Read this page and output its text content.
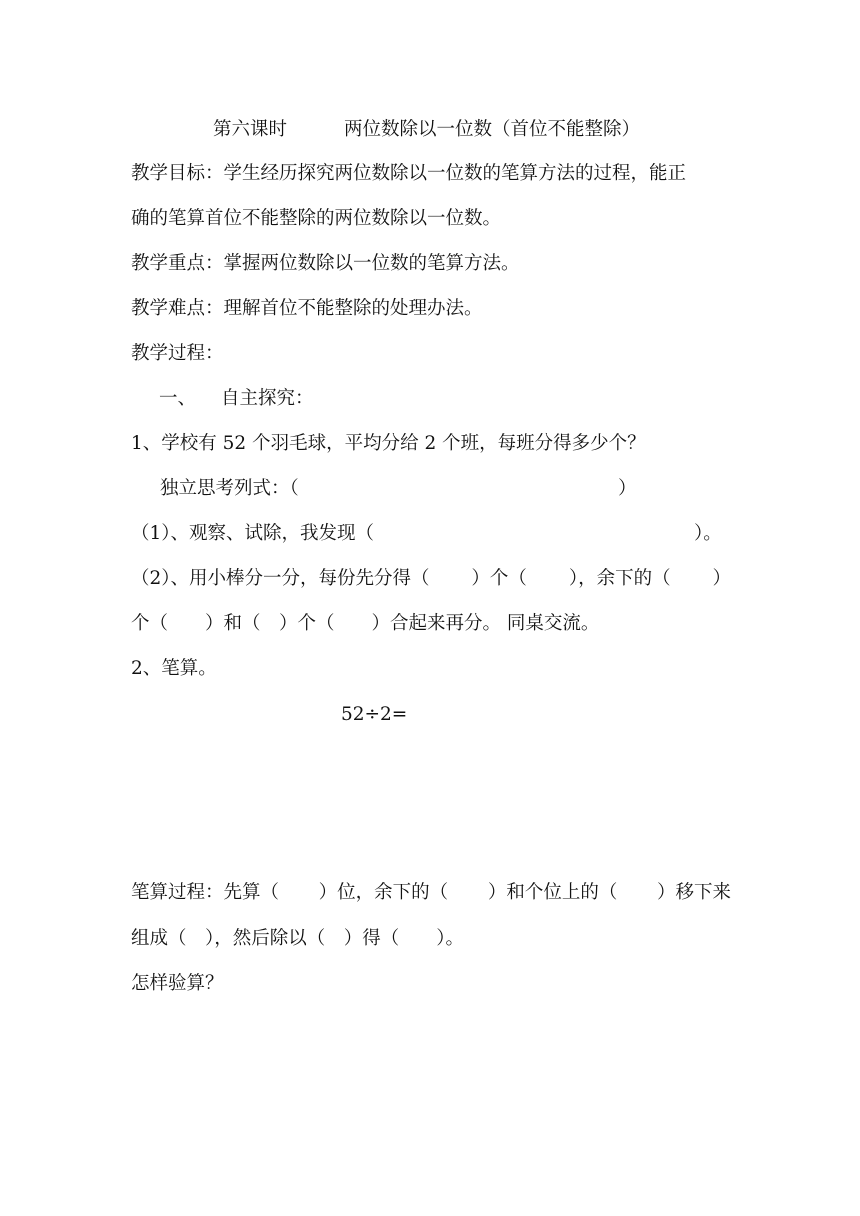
第六课时	两位数除以一位数（首位不能整除）
教学目标：学生经历探究两位数除以一位数的笔算方法的过程，能正
确的笔算首位不能整除的两位数除以一位数。
教学重点：掌握两位数除以一位数的笔算方法。
教学难点：理解首位不能整除的处理办法。
教学过程：
一、 自主探究：
1、学校有 52 个羽毛球，平均分给 2 个班，每班分得多少个？
独立思考列式：（	）
（1）、观察、试除，我发现（	）。
（2）、用小棒分一分，每份先分得（ ）个（ ），余下的（ ）
个（　　）和（　）个（　　）合起来再分。 同桌交流。
2、笔算。
52÷2=
笔算过程：先算（ ）位，余下的（ ）和个位上的（ ）移下来
组成（　），然后除以（　）得（　　）。
怎样验算？
